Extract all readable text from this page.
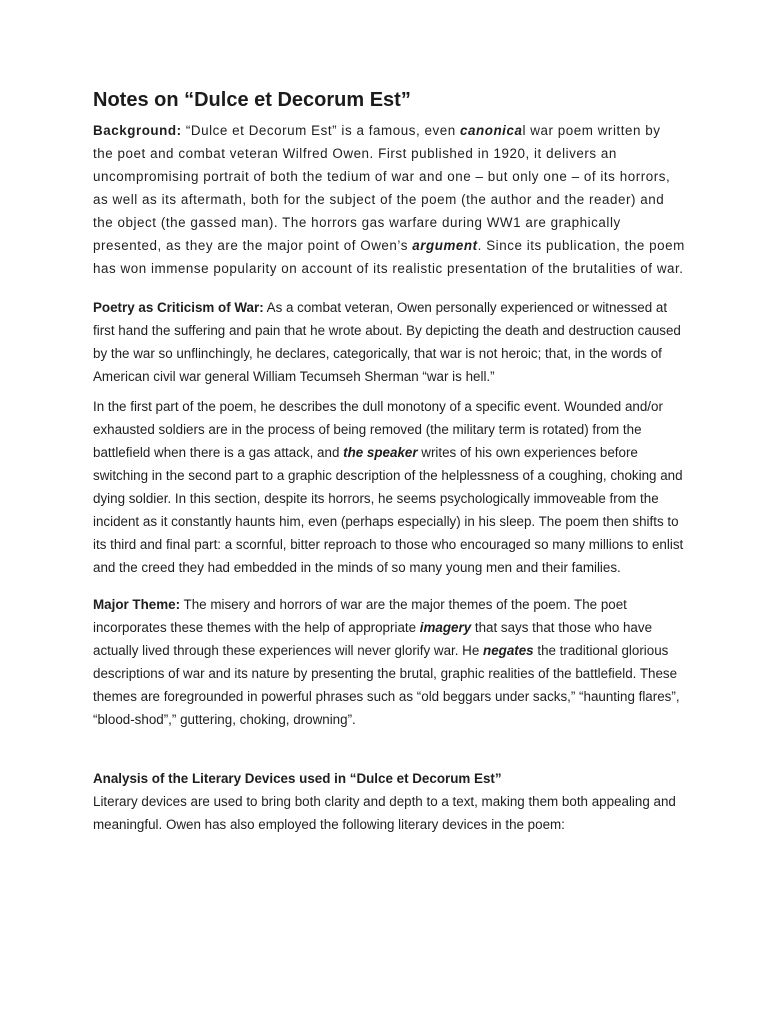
Notes on “Dulce et Decorum Est”

Background: “Dulce et Decorum Est” is a famous, even canonical war poem written by the poet and combat veteran Wilfred Owen. First published in 1920, it delivers an uncompromising portrait of both the tedium of war and one – but only one – of its horrors, as well as its aftermath, both for the subject of the poem (the author and the reader) and the object (the gassed man). The horrors gas warfare during WW1 are graphically presented, as they are the major point of Owen’s argument. Since its publication, the poem has won immense popularity on account of its realistic presentation of the brutalities of war.

Poetry as Criticism of War: As a combat veteran, Owen personally experienced or witnessed at first hand the suffering and pain that he wrote about. By depicting the death and destruction caused by the war so unflinchingly, he declares, categorically, that war is not heroic; that, in the words of American civil war general William Tecumseh Sherman “war is hell.”

In the first part of the poem, he describes the dull monotony of a specific event. Wounded and/or exhausted soldiers are in the process of being removed (the military term is rotated) from the battlefield when there is a gas attack, and the speaker writes of his own experiences before switching in the second part to a graphic description of the helplessness of a coughing, choking and dying soldier. In this section, despite its horrors, he seems psychologically immoveable from the incident as it constantly haunts him, even (perhaps especially) in his sleep. The poem then shifts to its third and final part: a scornful, bitter reproach to those who encouraged so many millions to enlist and the creed they had embedded in the minds of so many young men and their families.

Major Theme: The misery and horrors of war are the major themes of the poem. The poet incorporates these themes with the help of appropriate imagery that says that those who have actually lived through these experiences will never glorify war. He negates the traditional glorious descriptions of war and its nature by presenting the brutal, graphic realities of the battlefield. These themes are foregrounded in powerful phrases such as “old beggars under sacks,” “haunting flares”, “blood-shod”,” guttering, choking, drowning”.

Analysis of the Literary Devices used in “Dulce et Decorum Est”

Literary devices are used to bring both clarity and depth to a text, making them both appealing and meaningful. Owen has also employed the following literary devices in the poem:
